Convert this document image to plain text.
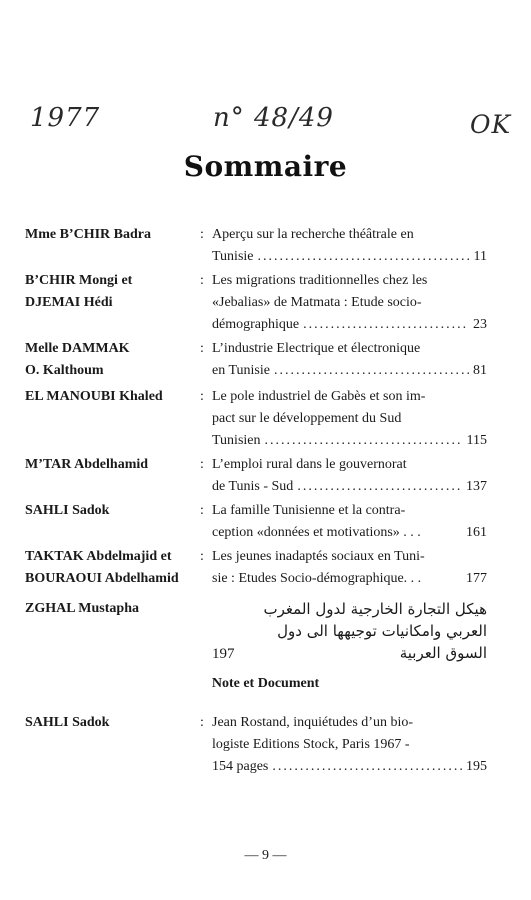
1977	n° 48/49	OK
Sommaire
Mme B’CHIR Badra	: Aperçu sur la recherche théâtrale en
Tunisie .....	11
B’CHIR Mongi et
DJEMAI Hédi
: Les migrations traditionnelles chez les
«Jebalias» de Matmata : Etude socio-
démographique .....	23
Melle DAMMAK
O. Kalthoum
: L’industrie Electrique et électronique
en Tunisie .....	81
EL MANOUBI Khaled	: Le pole industriel de Gabès et son im-
pact sur le développement du Sud
Tunisien .....	115
M’TAR Abdelhamid	: L’emploi rural dans le gouvernorat
de Tunis - Sud .....	137
SAHLI Sadok	: La famille Tunisienne et la contra-
ception «données et motivations» . . .	161
TAKTAK Abdelmajid et
BOURAOUI Abdelhamid
: Les jeunes inadaptés sociaux en Tuni-
sie : Etudes Socio-démographique. . .	177
ZGHAL Mustapha	هيكل التجارة الخارجية لدول المغرب
العربي وامكانيات توجيهها الى دول
197	السوق العربية
Note et Document
SAHLI Sadok	: Jean Rostand, inquiétudes d’un bio-
logiste Editions Stock, Paris 1967 -
154 pages .....	195
— 9 —
